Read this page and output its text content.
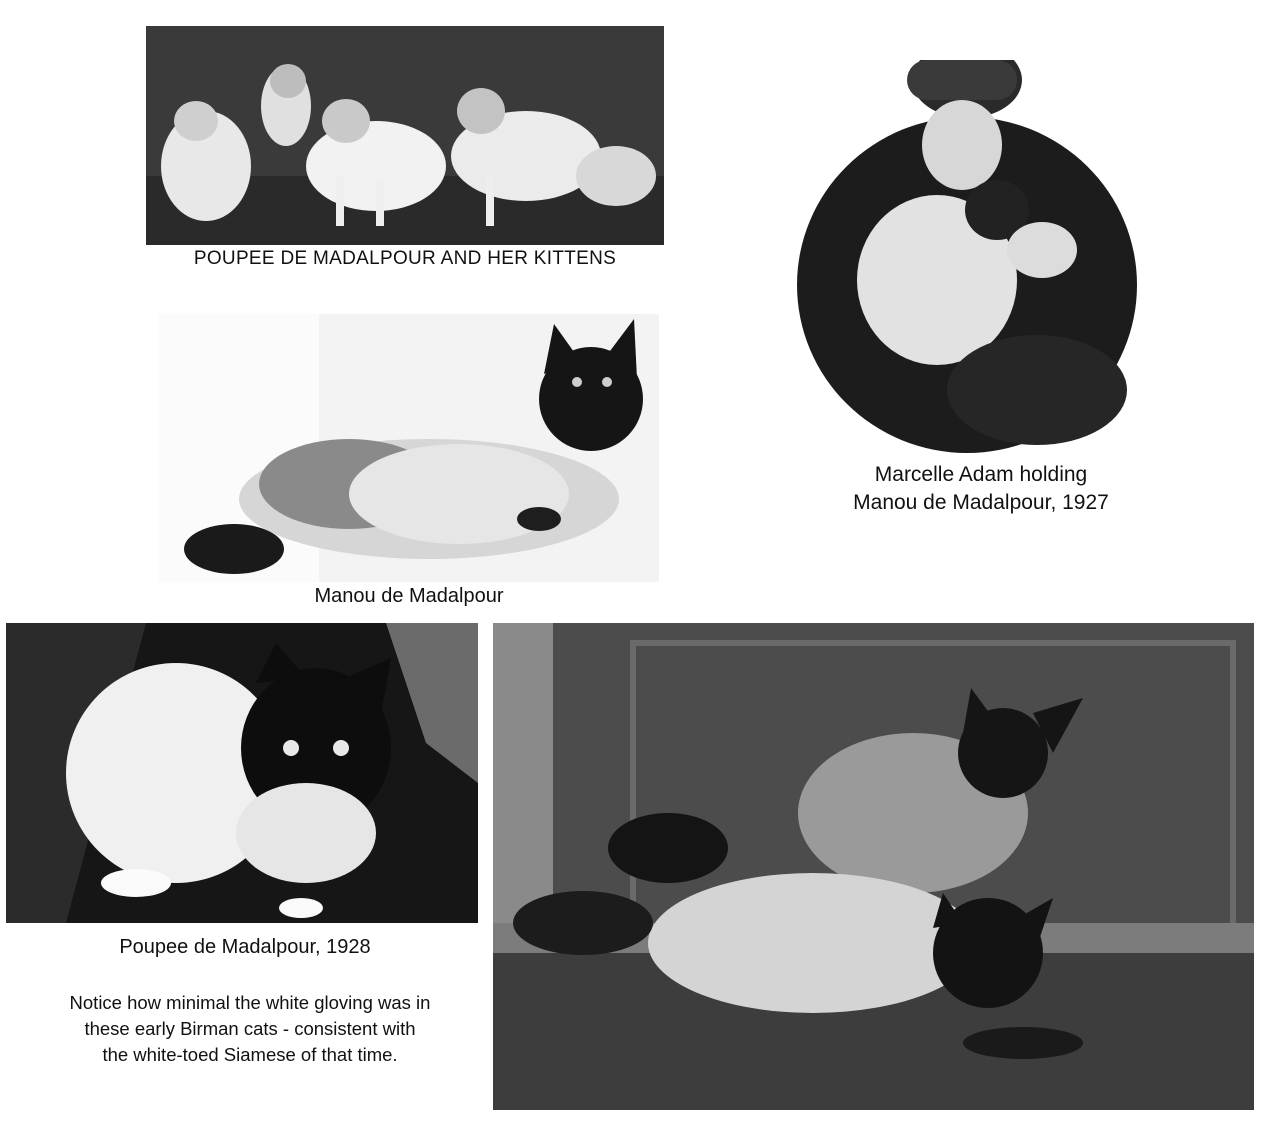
POUPEE DE MADALPOUR AND HER KITTENS
Manou de Madalpour
Marcelle Adam holding
Manou de Madalpour, 1927
Poupee de Madalpour, 1928
Notice how minimal the white gloving was in
these early Birman cats - consistent with
the white-toed Siamese of that time.
